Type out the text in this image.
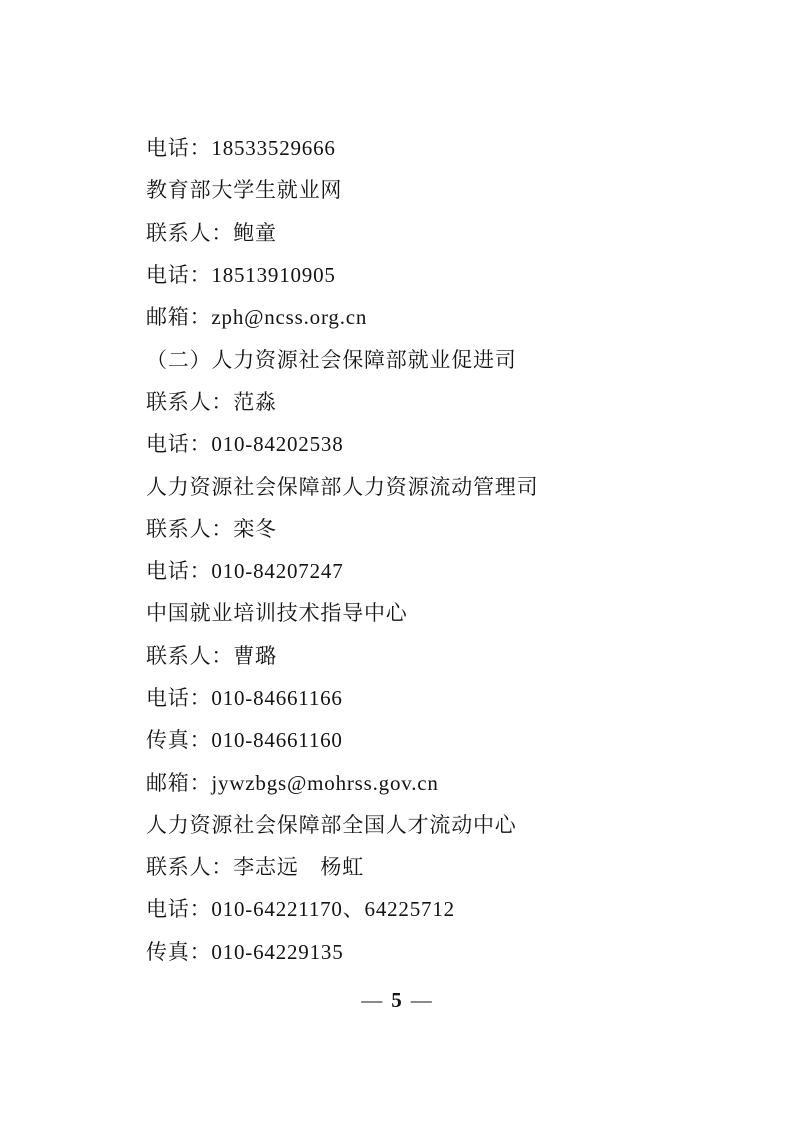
电话：18533529666
教育部大学生就业网
联系人：鲍童
电话：18513910905
邮箱：zph@ncss.org.cn
（二）人力资源社会保障部就业促进司
联系人：范淼
电话：010-84202538
人力资源社会保障部人力资源流动管理司
联系人：栾冬
电话：010-84207247
中国就业培训技术指导中心
联系人：曹璐
电话：010-84661166
传真：010-84661160
邮箱：jywzbgs@mohrss.gov.cn
人力资源社会保障部全国人才流动中心
联系人：李志远　杨虹
电话：010-64221170、64225712
传真：010-64229135
— 5 —
